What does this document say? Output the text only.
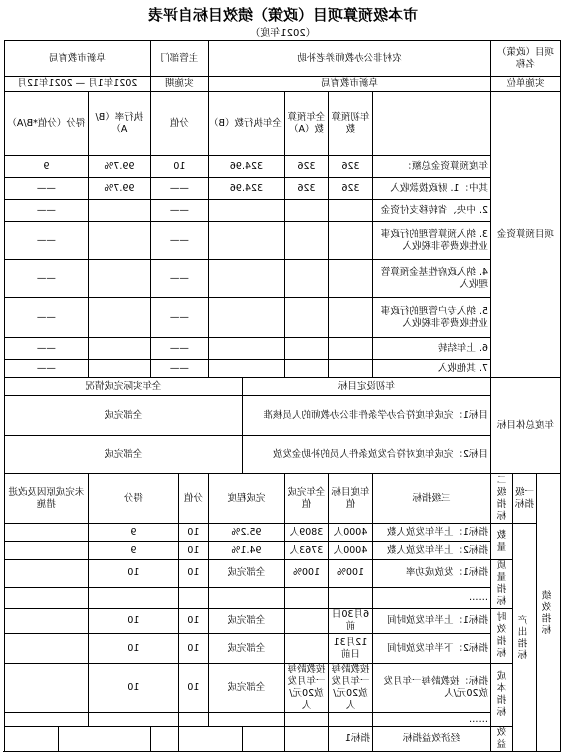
市本级预算项目（政策）绩效目标自评表
（2021年度）
项目（政策）名称			农村非公办教师养老补助					主管部门		阜新市教育局		
实施单位			阜新市教育局					实施期		2021年1月 — 2021年12月		
项目预算资金				年初预算数	全年预算数（A）	全年执行数（B）		分值		执行率（B/A）	得分（分值*B/A）	
			年度预算资金总额：	326	326	324.96		10		99.7%	9	
			其中：1. 财政拨款收入	326	326	324.96		——		99.7%	——	
			2. 中央、省转移支付资金					——			——	
			3. 纳入预算管理的行政事业性收费等非税收入					——			——	
			4. 纳入政府性基金预算管理收入					——			——	
			5. 纳入专户管理的行政事业性收费等非税收入					——			——	
			6. 上年结转					——			——	
			7. 其他收入					——			——	
年度总体目标			年初设定目标				全年实际完成情况					
			目标1：完成年度符合办学条件非公办教师的人员核准				全部完成					
			目标2：完成年度对符合发放条件人员的补助金发放				全部完成					
绩效指标	一级指标	二级指标	三级指标	年度目标值	全年完成值	完成程度		分值	得分		未完成原因及改进措施	
	产出指标	数量	指标1：上半年发放人数	4000人	3809人	95.2%		10	9			
			指标2：上半年发放人数	4000人	3763人	94.1%		10	9			
		质量指标	指标1：发放成功率	100%	100%	全部完成		10	10			
			……									
		时效指标	指标1：上半年发放时间	6月30日前		全部完成		10	10			
			指标2：下半年发放时间	12月31日前		全部完成		10	10			
		成本指标	指标：按教龄每一年月发放20元/人	按教龄每一年月发放20元/人	按教龄每一年月发放20元/人	全部完成		10	10			
			……									
		效益	经济效益指标	指标1								
